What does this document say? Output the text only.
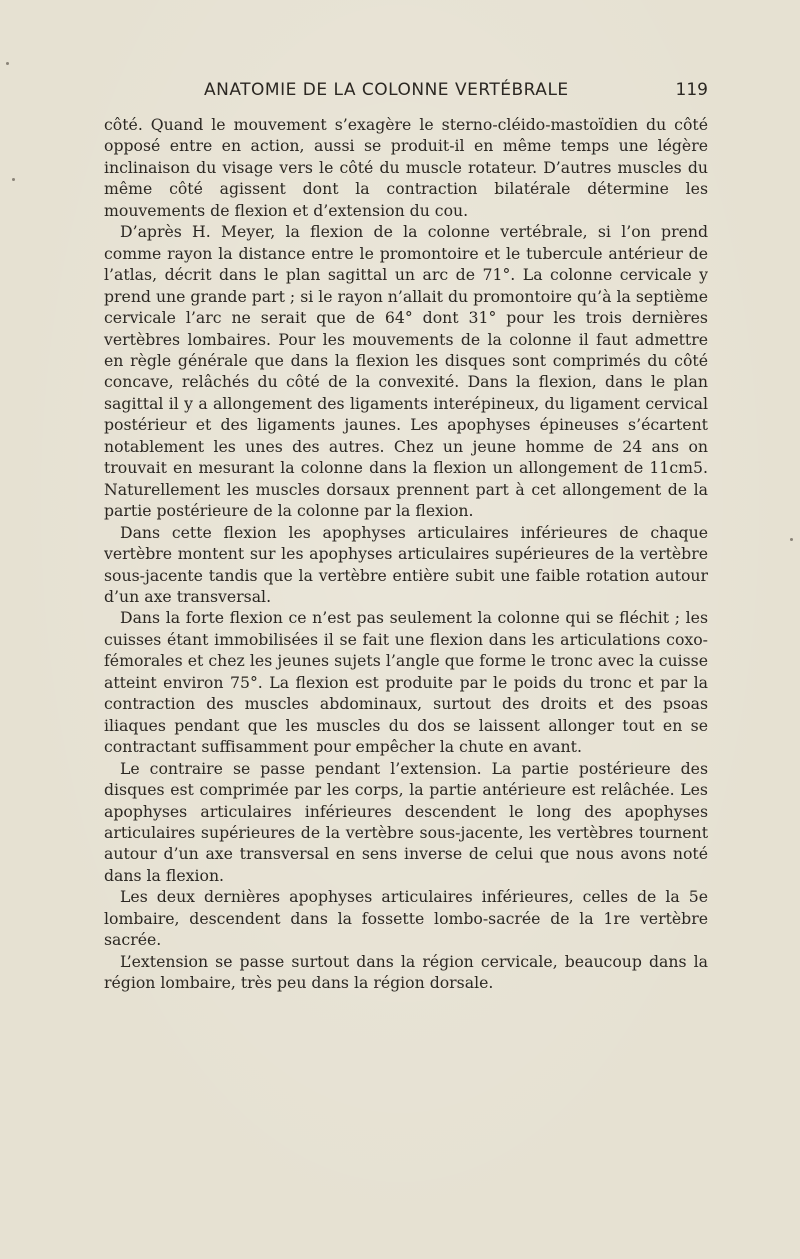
ANATOMIE DE LA COLONNE VERTÉBRALE	119

côté. Quand le mouvement s’exagère le sterno-cléido-mastoïdien du côté opposé entre en action, aussi se produit-il en même temps une légère inclinaison du visage vers le côté du muscle rotateur. D’autres muscles du même côté agissent dont la contraction bilatérale détermine les mouvements de flexion et d’extension du cou.

D’après H. Meyer, la flexion de la colonne vertébrale, si l’on prend comme rayon la distance entre le promontoire et le tubercule antérieur de l’atlas, décrit dans le plan sagittal un arc de 71°. La colonne cervicale y prend une grande part ; si le rayon n’allait du promontoire qu’à la septième cervicale l’arc ne serait que de 64° dont 31° pour les trois dernières vertèbres lombaires. Pour les mouvements de la colonne il faut admettre en règle générale que dans la flexion les disques sont comprimés du côté concave, relâchés du côté de la convexité. Dans la flexion, dans le plan sagittal il y a allongement des ligaments interépineux, du ligament cervical postérieur et des ligaments jaunes. Les apophyses épineuses s’écartent notablement les unes des autres. Chez un jeune homme de 24 ans on trouvait en mesurant la colonne dans la flexion un allongement de 11cm5. Naturellement les muscles dorsaux prennent part à cet allongement de la partie postérieure de la colonne par la flexion.

Dans cette flexion les apophyses articulaires inférieures de chaque vertèbre montent sur les apophyses articulaires supérieures de la vertèbre sous-jacente tandis que la vertèbre entière subit une faible rotation autour d’un axe transversal.

Dans la forte flexion ce n’est pas seulement la colonne qui se fléchit ; les cuisses étant immobilisées il se fait une flexion dans les articulations coxo-fémorales et chez les jeunes sujets l’angle que forme le tronc avec la cuisse atteint environ 75°. La flexion est produite par le poids du tronc et par la contraction des muscles abdominaux, surtout des droits et des psoas iliaques pendant que les muscles du dos se laissent allonger tout en se contractant suffisamment pour empêcher la chute en avant.

Le contraire se passe pendant l’extension. La partie postérieure des disques est comprimée par les corps, la partie antérieure est relâchée. Les apophyses articulaires inférieures descendent le long des apophyses articulaires supérieures de la vertèbre sous-jacente, les vertèbres tournent autour d’un axe transversal en sens inverse de celui que nous avons noté dans la flexion.

Les deux dernières apophyses articulaires inférieures, celles de la 5e lombaire, descendent dans la fossette lombo-sacrée de la 1re vertèbre sacrée.

L’extension se passe surtout dans la région cervicale, beaucoup dans la région lombaire, très peu dans la région dorsale.
